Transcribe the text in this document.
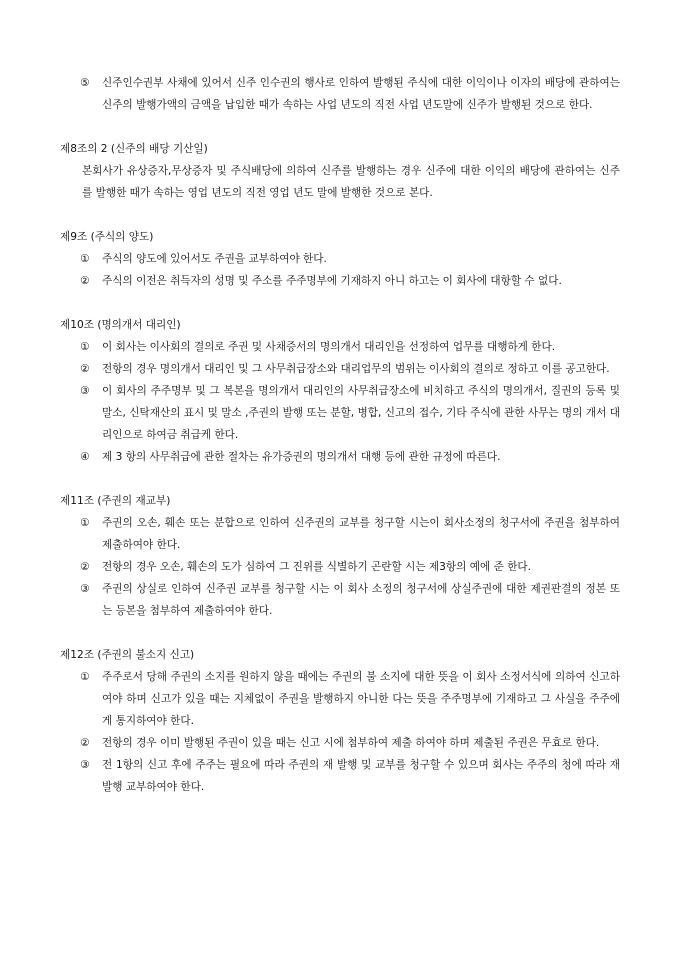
⑤	신주인수권부 사채에 있어서 신주 인수권의 행사로 인하여 발행된 주식에 대한 이익이나 이자의 배당에 관하여는 신주의 발행가액의 금액을 납입한 때가 속하는 사업 년도의 직전 사업 년도말에 신주가 발행된 것으로 한다.
제8조의 2 (신주의 배당 기산일)
본회사가 유상증자,무상증자 및 주식배당에 의하여 신주를 발행하는 경우 신주에 대한 이익의 배당에 관하여는 신주를 발행한 때가 속하는 영업 년도의 직전 영업 년도 말에 발행한 것으로 본다.
제9조 (주식의 양도)
①	주식의 양도에 있어서도 주권을 교부하여야 한다.
②	주식의 이전은 취득자의 성명 및 주소를 주주명부에 기재하지 아니 하고는 이 회사에 대항할 수 없다.
제10조 (명의개서 대리인)
①	이 회사는 이사회의 결의로 주권 및 사채증서의 명의개서 대리인을 선정하여 업무를 대행하게 한다.
②	전항의 경우 명의개서 대리인 및 그 사무취급장소와 대리업무의 범위는 이사회의 결의로 정하고 이를 공고한다.
③	이 회사의 주주명부 및 그 복본을 명의개서 대리인의 사무취급장소에 비치하고 주식의 명의개서, 질권의 등록 및 말소, 신탁재산의 표시 및 말소 ,주권의 발행 또는 분할, 병합, 신고의 접수, 기타 주식에 관한 사무는 명의 개서 대리인으로 하여금 취급케 한다.
④	제 3 항의 사무취급에 관한 절차는 유가증권의 명의개서 대행 등에 관한 규정에 따른다.
제11조 (주권의 재교부)
①	주권의 오손, 훼손 또는 분합으로 인하여 신주권의 교부를 청구할 시는이 회사소정의 청구서에 주권을 첨부하여 제출하여야 한다.
②	전항의 경우 오손, 훼손의 도가 심하여 그 진위를 식별하기 곤란할 시는 제3항의 예에 준 한다.
③	주권의 상실로 인하여 신주권 교부를 청구할 시는 이 회사 소정의 청구서에 상실주권에 대한 제권판결의 정본 또는 등본을 첨부하여 제출하여야 한다.
제12조 (주권의 불소지 신고)
①	주주로서 당해 주권의 소지를 원하지 않을 때에는 주권의 불 소지에 대한 뜻을 이 회사 소정서식에 의하여 신고하여야 하며 신고가 있을 때는 지체없이 주권을 발행하지 아니한 다는 뜻을 주주명부에 기재하고 그 사실을 주주에게 통지하여야 한다.
②	전항의 경우 이미 발행된 주권이 있을 때는 신고 시에 첨부하여 제출 하여야 하며 제출된 주권은 무효로 한다.
③	전 1항의 신고 후에 주주는 필요에 따라 주권의 재 발행 및 교부를 청구할 수 있으며 회사는 주주의 청에 따라 재 발행 교부하여야 한다.
